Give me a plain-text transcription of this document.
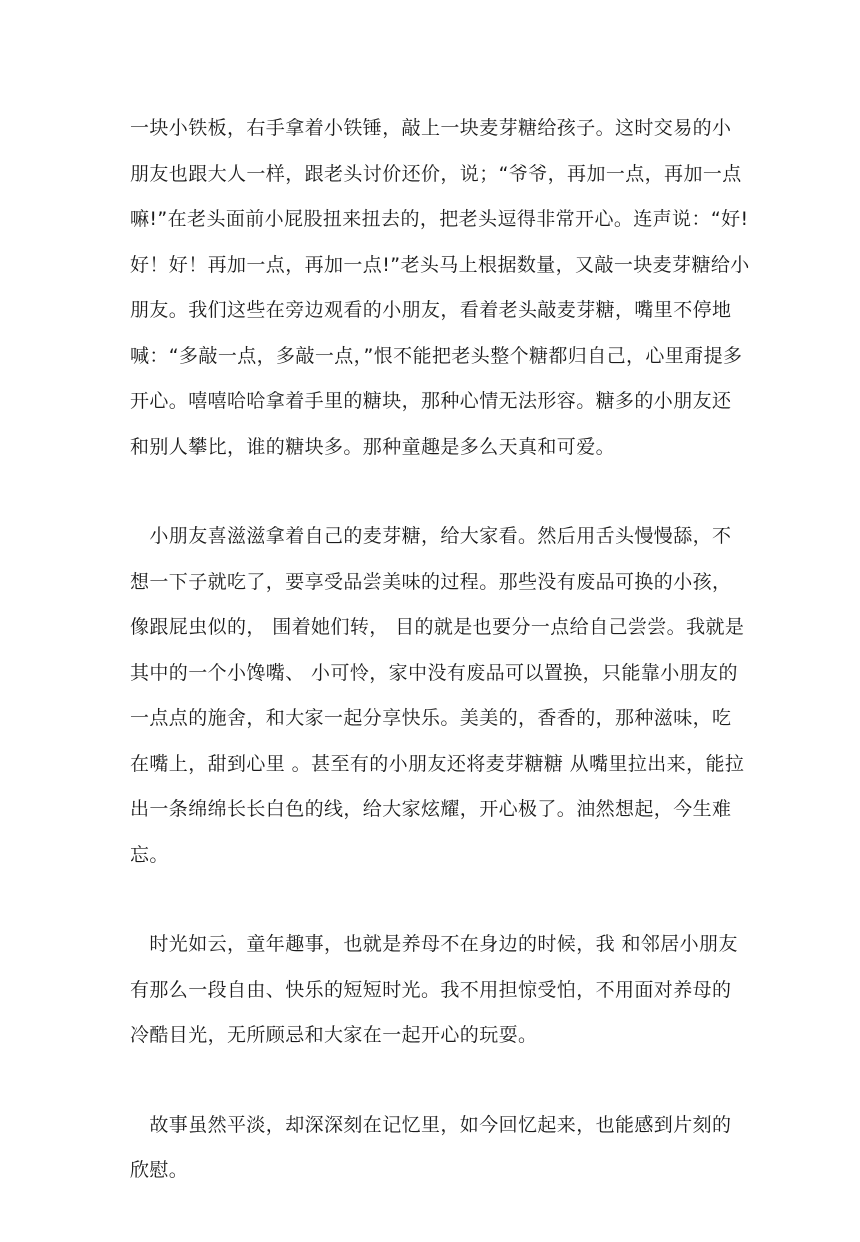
一块小铁板，右手拿着小铁锤，敲上一块麦芽糖给孩子。这时交易的小
朋友也跟大人一样，跟老头讨价还价，说；“爷爷，再加一点，再加一点
嘛!”在老头面前小屁股扭来扭去的，把老头逗得非常开心。连声说：“好!
好！好！再加一点，再加一点!”老头马上根据数量，又敲一块麦芽糖给小
朋友。我们这些在旁边观看的小朋友，看着老头敲麦芽糖，嘴里不停地
喊：“多敲一点，多敲一点，”恨不能把老头整个糖都归自己，心里甭提多
开心。嘻嘻哈哈拿着手里的糖块，那种心情无法形容。糖多的小朋友还
和别人攀比，谁的糖块多。那种童趣是多么天真和可爱。

　小朋友喜滋滋拿着自己的麦芽糖，给大家看。然后用舌头慢慢舔，不
想一下子就吃了，要享受品尝美味的过程。那些没有废品可换的小孩，
像跟屁虫似的， 围着她们转， 目的就是也要分一点给自己尝尝。我就是
其中的一个小馋嘴、 小可怜，家中没有废品可以置换，只能靠小朋友的
一点点的施舍，和大家一起分享快乐。美美的，香香的，那种滋味，吃
在嘴上，甜到心里 。甚至有的小朋友还将麦芽糖糖 从嘴里拉出来，能拉
出一条绵绵长长白色的线，给大家炫耀，开心极了。油然想起，今生难
忘。

　时光如云，童年趣事，也就是养母不在身边的时候，我 和邻居小朋友
有那么一段自由、快乐的短短时光。我不用担惊受怕，不用面对养母的
冷酷目光，无所顾忌和大家在一起开心的玩耍。

　故事虽然平淡，却深深刻在记忆里，如今回忆起来，也能感到片刻的
欣慰。
